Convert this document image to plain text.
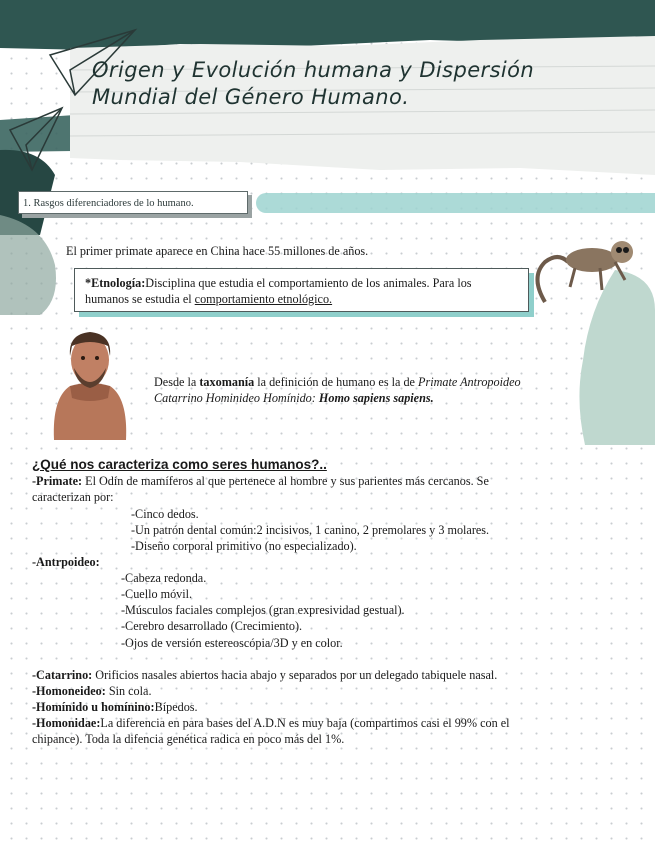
Origen y Evolución humana y Dispersión
Mundial del Género Humano.
1. Rasgos diferenciadores de lo humano.
El primer primate aparece en China hace 55 millones de años.
*Etnología:Disciplina que estudia el comportamiento de los animales. Para los
humanos se estudia el comportamiento etnológico.
Desde la taxomanía la definición de humano es la de Primate Antropoideo
Catarrino Hominideo Homínido: Homo sapiens sapiens.
¿Qué nos caracteriza como seres humanos?..
-Primate: El Odín de mamíferos al que pertenece al hombre y sus parientes más cercanos. Se
caracterizan por:
-Cinco dedos.
-Un patrón dental común:2 incisivos, 1 canino, 2 premolares y 3 molares.
-Diseño corporal primitivo (no especializado).
-Antrpoideo:
-Cabeza redonda.
-Cuello móvil.
-Músculos faciales complejos (gran expresividad gestual).
-Cerebro desarrollado (Crecimiento).
-Ojos de versión estereoscópia/3D y en color.
-Catarrino: Orificios nasales abiertos hacia abajo y separados por un delegado tabiquele nasal.
-Homoneideo: Sin cola.
-Homínido u homínino:Bípedos.
-Homonidae:La diferencia en para bases del A.D.N es muy baja (compartimos casi el 99% con el
chipance). Toda la difencia genética radica en poco más del 1%.
